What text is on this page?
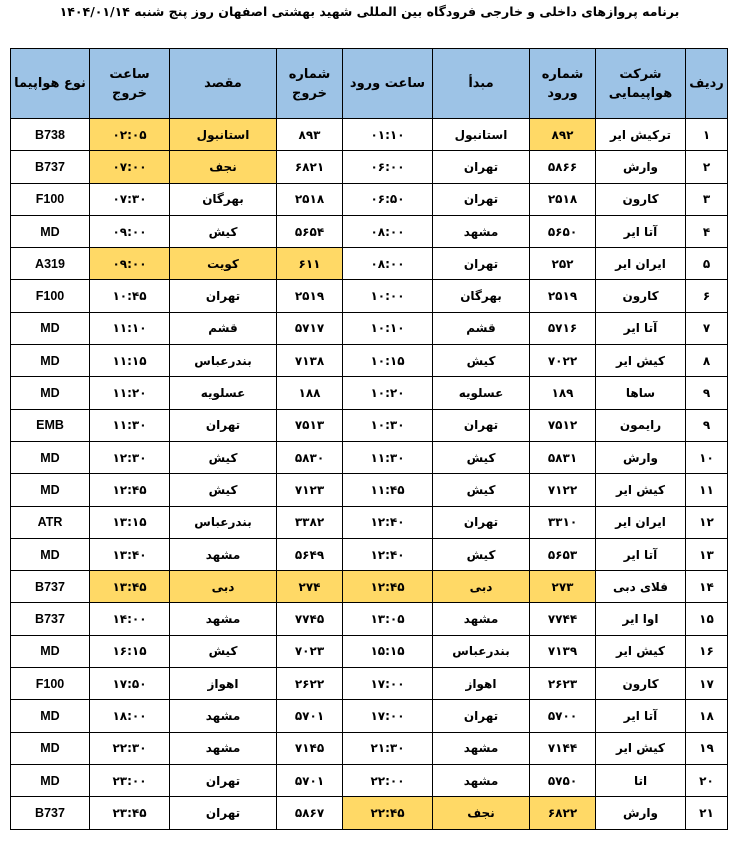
برنامه پروازهای داخلی و خارجی فرودگاه بین المللی شهید بهشتی اصفهان روز پنج شنبه ۱۴۰۴/۰۱/۱۴
ردیف	شرکت هواپیمایی	شماره ورود	مبدأ	ساعت ورود	شماره خروج	مقصد	ساعت خروج	نوع هواپیما
۱	ترکیش ایر	۸۹۲	استانبول	۰۱:۱۰	۸۹۳	استانبول	۰۲:۰۵	B738
۲	وارش	۵۸۶۶	تهران	۰۶:۰۰	۶۸۲۱	نجف	۰۷:۰۰	B737
۳	کارون	۲۵۱۸	تهران	۰۶:۵۰	۲۵۱۸	بهرگان	۰۷:۳۰	F100
۴	آتا ایر	۵۶۵۰	مشهد	۰۸:۰۰	۵۶۵۴	کیش	۰۹:۰۰	MD
۵	ایران ایر	۲۵۲	تهران	۰۸:۰۰	۶۱۱	کویت	۰۹:۰۰	A319
۶	کارون	۲۵۱۹	بهرگان	۱۰:۰۰	۲۵۱۹	تهران	۱۰:۴۵	F100
۷	آتا ایر	۵۷۱۶	قشم	۱۰:۱۰	۵۷۱۷	قشم	۱۱:۱۰	MD
۸	کیش ایر	۷۰۲۲	کیش	۱۰:۱۵	۷۱۳۸	بندرعباس	۱۱:۱۵	MD
۹	ساها	۱۸۹	عسلویه	۱۰:۲۰	۱۸۸	عسلویه	۱۱:۲۰	MD
۹	رایمون	۷۵۱۲	تهران	۱۰:۳۰	۷۵۱۳	تهران	۱۱:۳۰	EMB
۱۰	وارش	۵۸۳۱	کیش	۱۱:۳۰	۵۸۳۰	کیش	۱۲:۳۰	MD
۱۱	کیش ایر	۷۱۲۲	کیش	۱۱:۴۵	۷۱۲۳	کیش	۱۲:۴۵	MD
۱۲	ایران ایر	۳۳۱۰	تهران	۱۲:۴۰	۳۳۸۲	بندرعباس	۱۳:۱۵	ATR
۱۳	آتا ایر	۵۶۵۳	کیش	۱۲:۴۰	۵۶۴۹	مشهد	۱۳:۴۰	MD
۱۴	فلای دبی	۲۷۳	دبی	۱۲:۴۵	۲۷۴	دبی	۱۳:۴۵	B737
۱۵	اوا ایر	۷۷۴۴	مشهد	۱۳:۰۵	۷۷۴۵	مشهد	۱۴:۰۰	B737
۱۶	کیش ایر	۷۱۳۹	بندرعباس	۱۵:۱۵	۷۰۲۳	کیش	۱۶:۱۵	MD
۱۷	کارون	۲۶۲۳	اهواز	۱۷:۰۰	۲۶۲۲	اهواز	۱۷:۵۰	F100
۱۸	آتا ایر	۵۷۰۰	تهران	۱۷:۰۰	۵۷۰۱	مشهد	۱۸:۰۰	MD
۱۹	کیش ایر	۷۱۴۴	مشهد	۲۱:۳۰	۷۱۴۵	مشهد	۲۲:۳۰	MD
۲۰	اتا	۵۷۵۰	مشهد	۲۲:۰۰	۵۷۰۱	تهران	۲۳:۰۰	MD
۲۱	وارش	۶۸۲۲	نجف	۲۲:۴۵	۵۸۶۷	تهران	۲۳:۴۵	B737
